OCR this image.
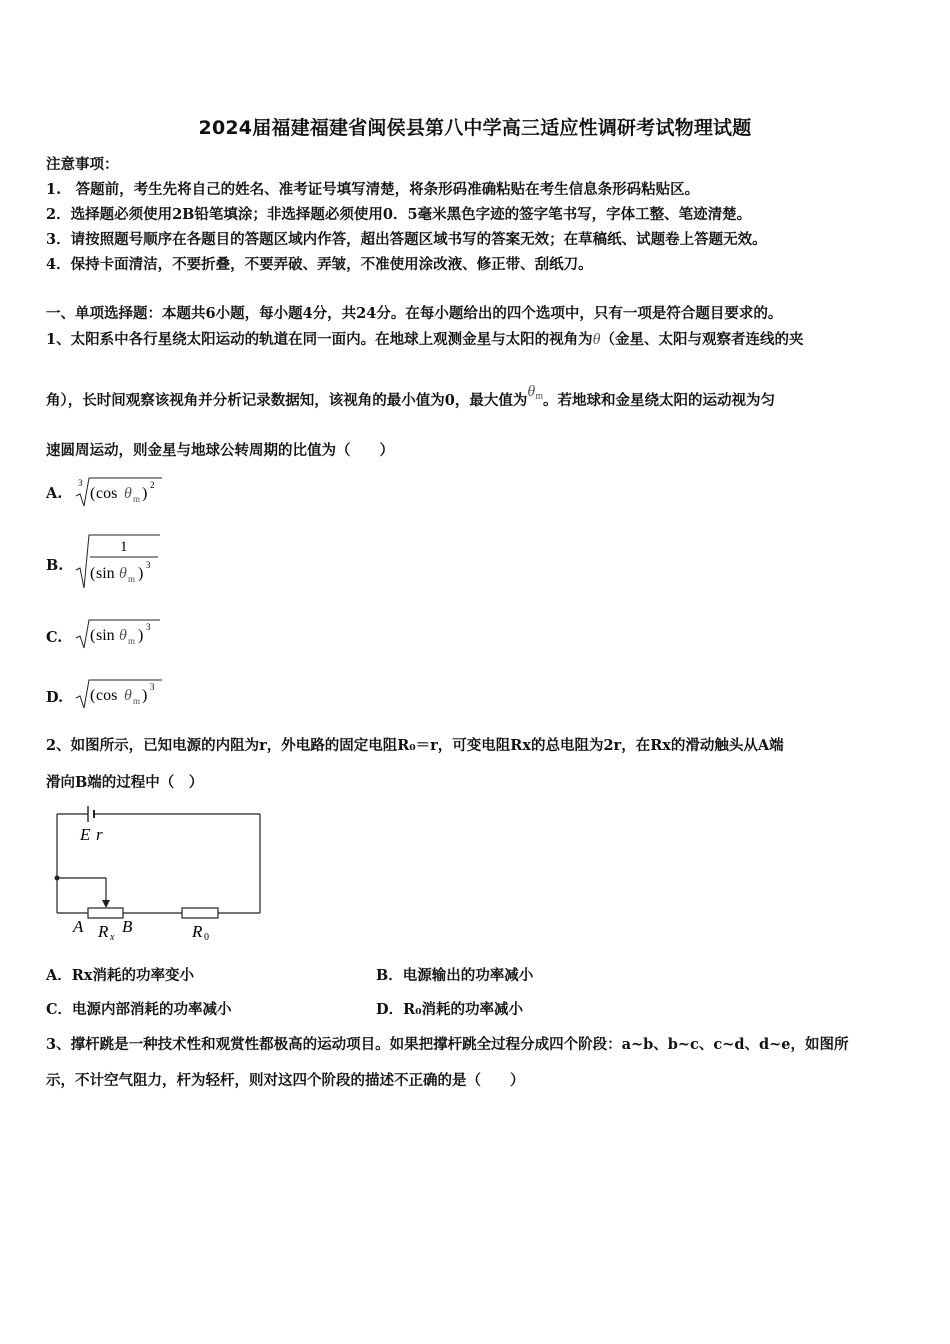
2024届福建福建省闽侯县第八中学高三适应性调研考试物理试题
注意事项：
1.　答题前，考生先将自己的姓名、准考证号填写清楚，将条形码准确粘贴在考生信息条形码粘贴区。
2．选择题必须使用2B铅笔填涂；非选择题必须使用0．5毫米黑色字迹的签字笔书写，字体工整、笔迹清楚。
3．请按照题号顺序在各题目的答题区域内作答，超出答题区域书写的答案无效；在草稿纸、试题卷上答题无效。
4．保持卡面清洁，不要折叠，不要弄破、弄皱，不准使用涂改液、修正带、刮纸刀。
一、单项选择题：本题共6小题，每小题4分，共24分。在每小题给出的四个选项中，只有一项是符合题目要求的。
1、太阳系中各行星绕太阳运动的轨道在同一面内。在地球上观测金星与太阳的视角为θ（金星、太阳与观察者连线的夹
角），长时间观察该视角并分析记录数据知，该视角的最小值为0，最大值为$\theta_m$。若地球和金星绕太阳的运动视为匀
速圆周运动，则金星与地球公转周期的比值为（　　）
A.
3
( cos θ m ) 2
B.
1
( sin θ m ) 3
C. ( sin θ m ) 3
D. ( cos θ m ) 3
2、如图所示，已知电源的内阻为r，外电路的固定电阻R₀＝r，可变电阻Rx的总电阻为2r，在Rx的滑动触头从A端
滑向B端的过程中（　）
E r
A B
R x	R 0
A．Rx消耗的功率变小	B．电源输出的功率减小
C．电源内部消耗的功率减小	D．R₀消耗的功率减小
3、撑杆跳是一种技术性和观赏性都极高的运动项目。如果把撑杆跳全过程分成四个阶段：a~b、b~c、c~d、d~e，如图所
示，不计空气阻力，杆为轻杆，则对这四个阶段的描述不正确的是（　　）
